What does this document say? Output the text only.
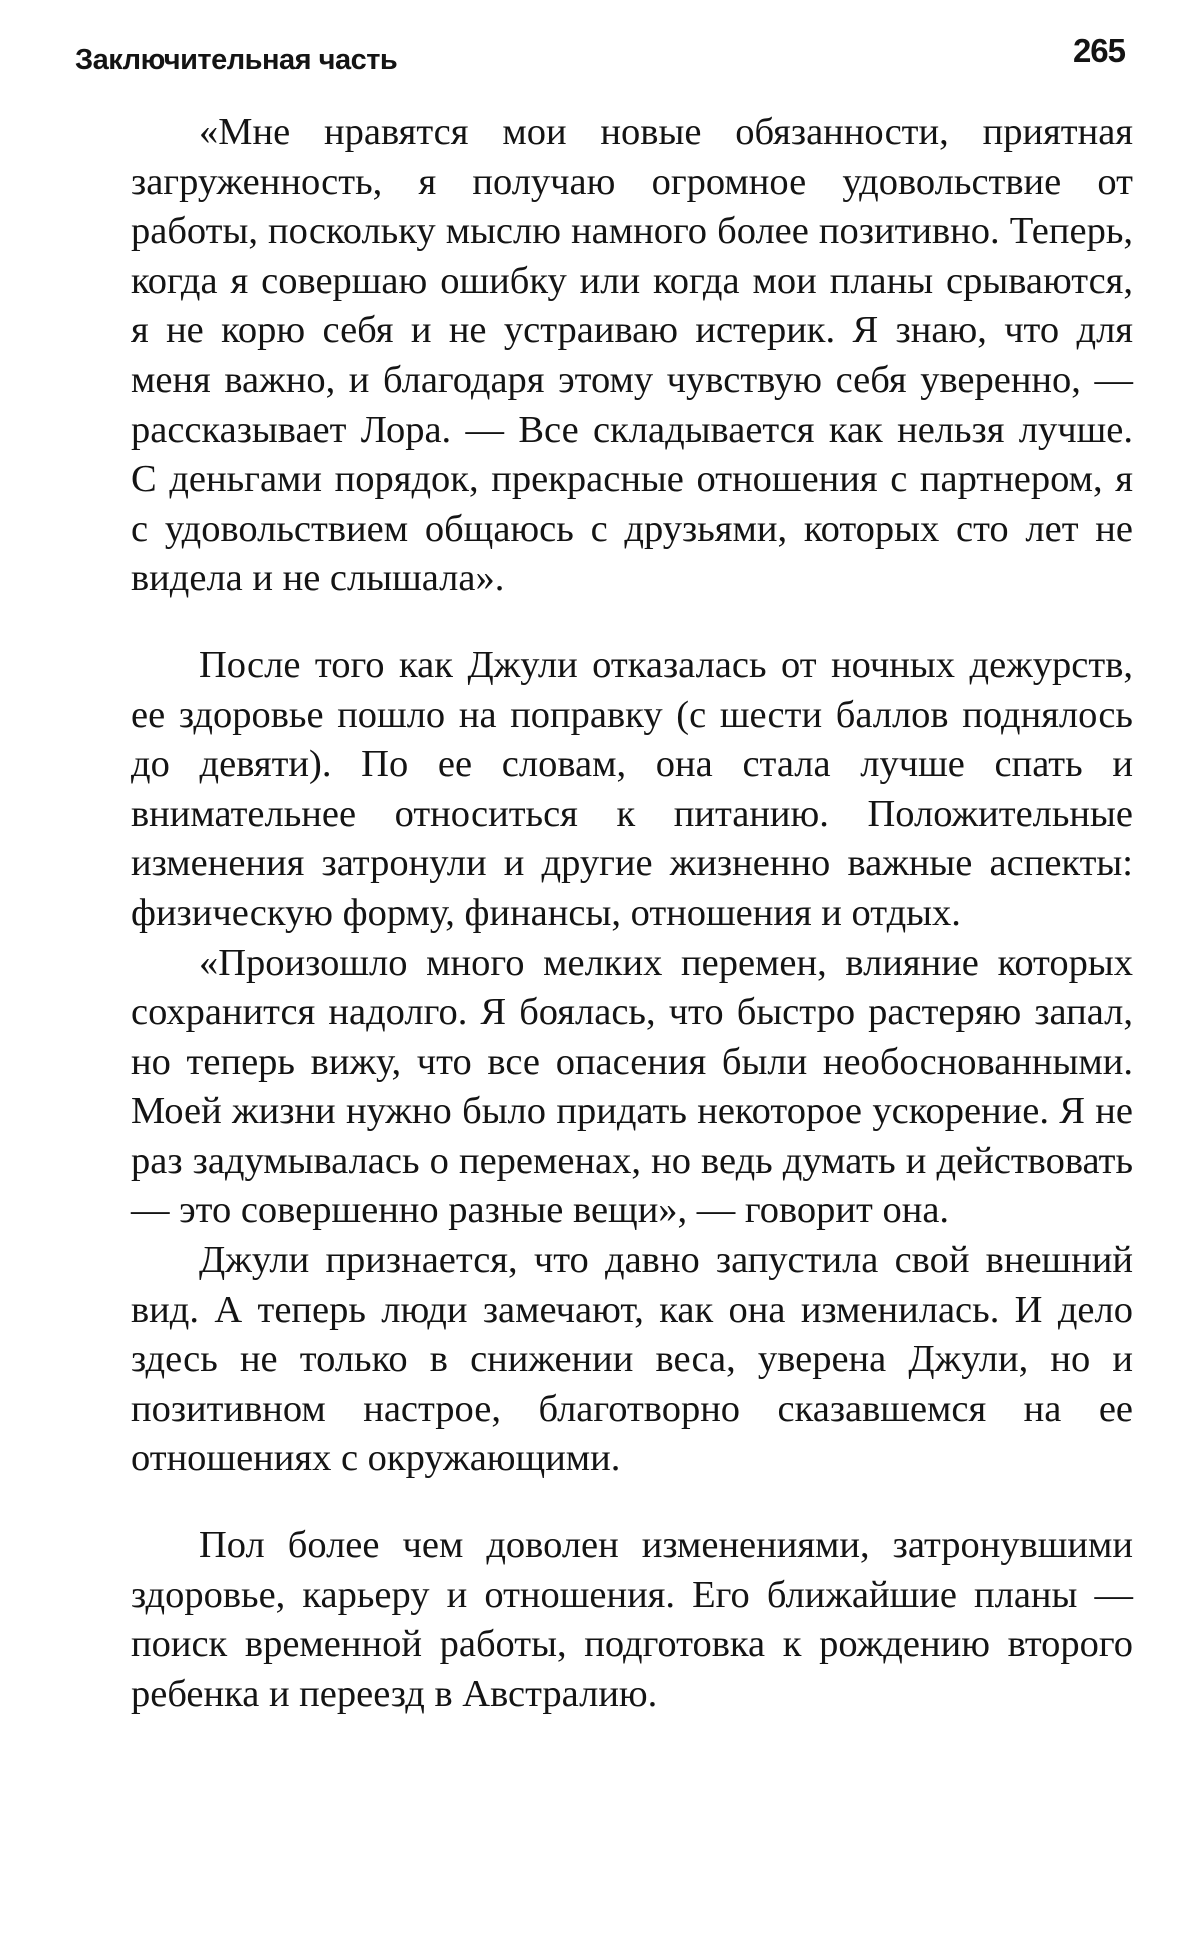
Заключительная часть	265

«Мне нравятся мои новые обязанности, приятная загруженность, я получаю огромное удовольствие от работы, поскольку мыслю намного более позитивно. Теперь, когда я совершаю ошибку или когда мои планы срываются, я не корю себя и не устраиваю истерик. Я знаю, что для меня важно, и благодаря этому чувствую себя уверенно, — рассказывает Лора. — Все складывается как нельзя лучше. С деньгами порядок, прекрасные отношения с партнером, я с удовольствием общаюсь с друзьями, которых сто лет не видела и не слышала».

После того как Джули отказалась от ночных дежурств, ее здоровье пошло на поправку (с шести баллов поднялось до девяти). По ее словам, она стала лучше спать и внимательнее относиться к питанию. Положительные изменения затронули и другие жизненно важные аспекты: физическую форму, финансы, отношения и отдых.

«Произошло много мелких перемен, влияние которых сохранится надолго. Я боялась, что быстро растеряю запал, но теперь вижу, что все опасения были необоснованными. Моей жизни нужно было придать некоторое ускорение. Я не раз задумывалась о переменах, но ведь думать и действовать — это совершенно разные вещи», — говорит она.

Джули признается, что давно запустила свой внешний вид. А теперь люди замечают, как она изменилась. И дело здесь не только в снижении веса, уверена Джули, но и позитивном настрое, благотворно сказавшемся на ее отношениях с окружающими.

Пол более чем доволен изменениями, затронувшими здоровье, карьеру и отношения. Его ближайшие планы — поиск временной работы, подготовка к рождению второго ребенка и переезд в Австралию.
